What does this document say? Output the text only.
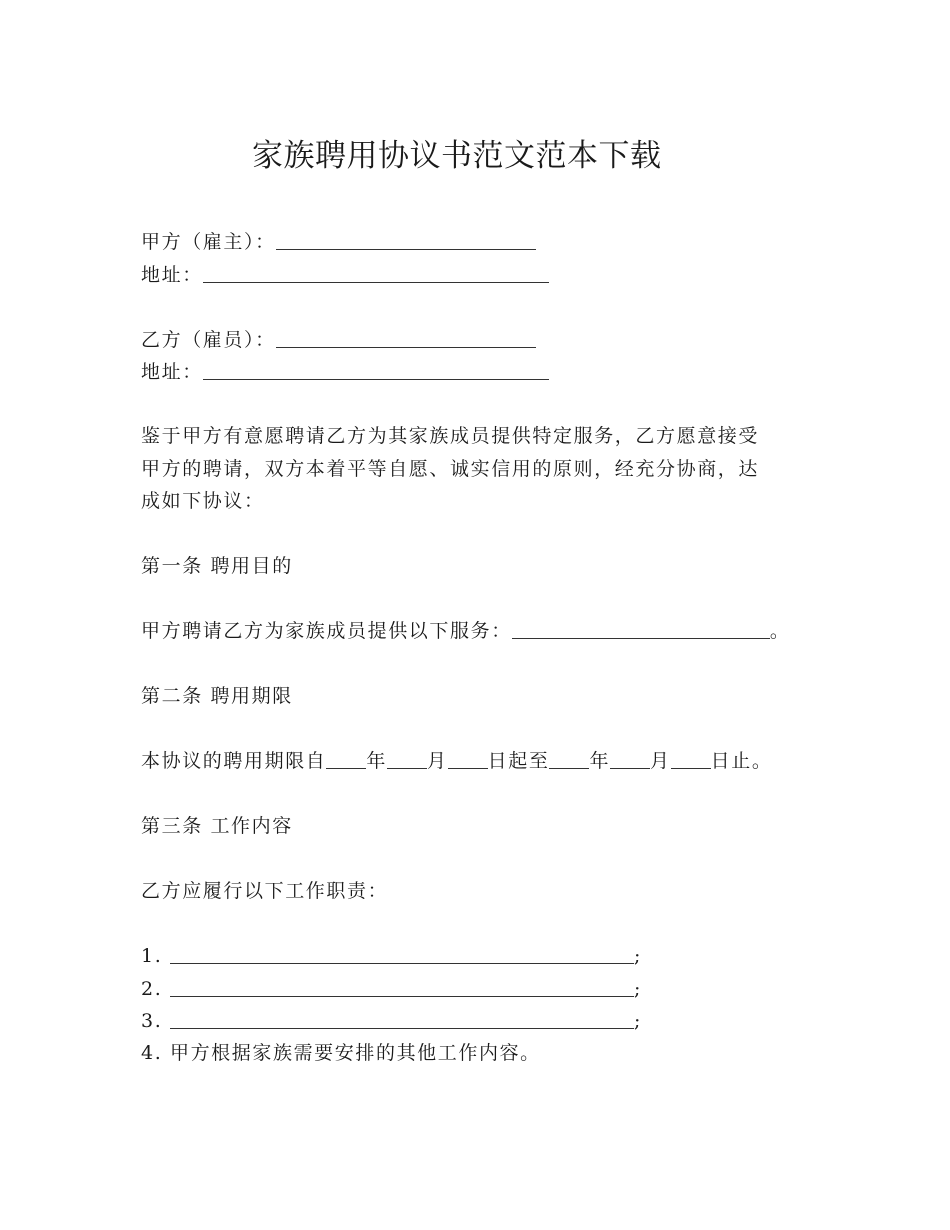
家族聘用协议书范文范本下载
甲方（雇主）：
地址：
乙方（雇员）：
地址：
鉴于甲方有意愿聘请乙方为其家族成员提供特定服务，乙方愿意接受
甲方的聘请，双方本着平等自愿、诚实信用的原则，经充分协商，达
成如下协议：
第一条 聘用目的
甲方聘请乙方为家族成员提供以下服务：	。
第二条 聘用期限
本协议的聘用期限自 年 月 日起至 年 月 日止。
第三条 工作内容
乙方应履行以下工作职责：
1.	;
2.	;
3.	;
4. 甲方根据家族需要安排的其他工作内容。
